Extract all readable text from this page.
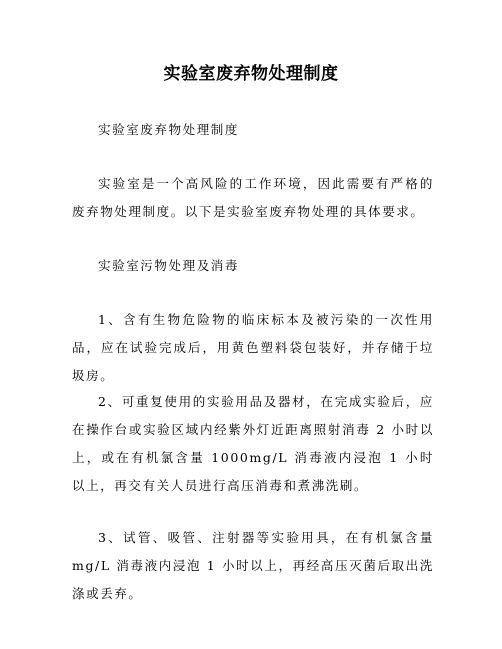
实验室废弃物处理制度

实验室废弃物处理制度

实验室是一个高风险的工作环境，因此需要有严格的废弃物处理制度。以下是实验室废弃物处理的具体要求。

实验室污物处理及消毒

1、含有生物危险物的临床标本及被污染的一次性用品，应在试验完成后，用黄色塑料袋包装好，并存储于垃圾房。

2、可重复使用的实验用品及器材，在完成实验后，应在操作台或实验区域内经紫外灯近距离照射消毒 2 小时以上，或在有机氯含量 1000mg/L 消毒液内浸泡 1 小时以上，再交有关人员进行高压消毒和煮沸洗刷。

3、试管、吸管、注射器等实验用具，在有机氯含量 mg/L 消毒液内浸泡 1 小时以上，再经高压灭菌后取出洗涤或丢弃。
